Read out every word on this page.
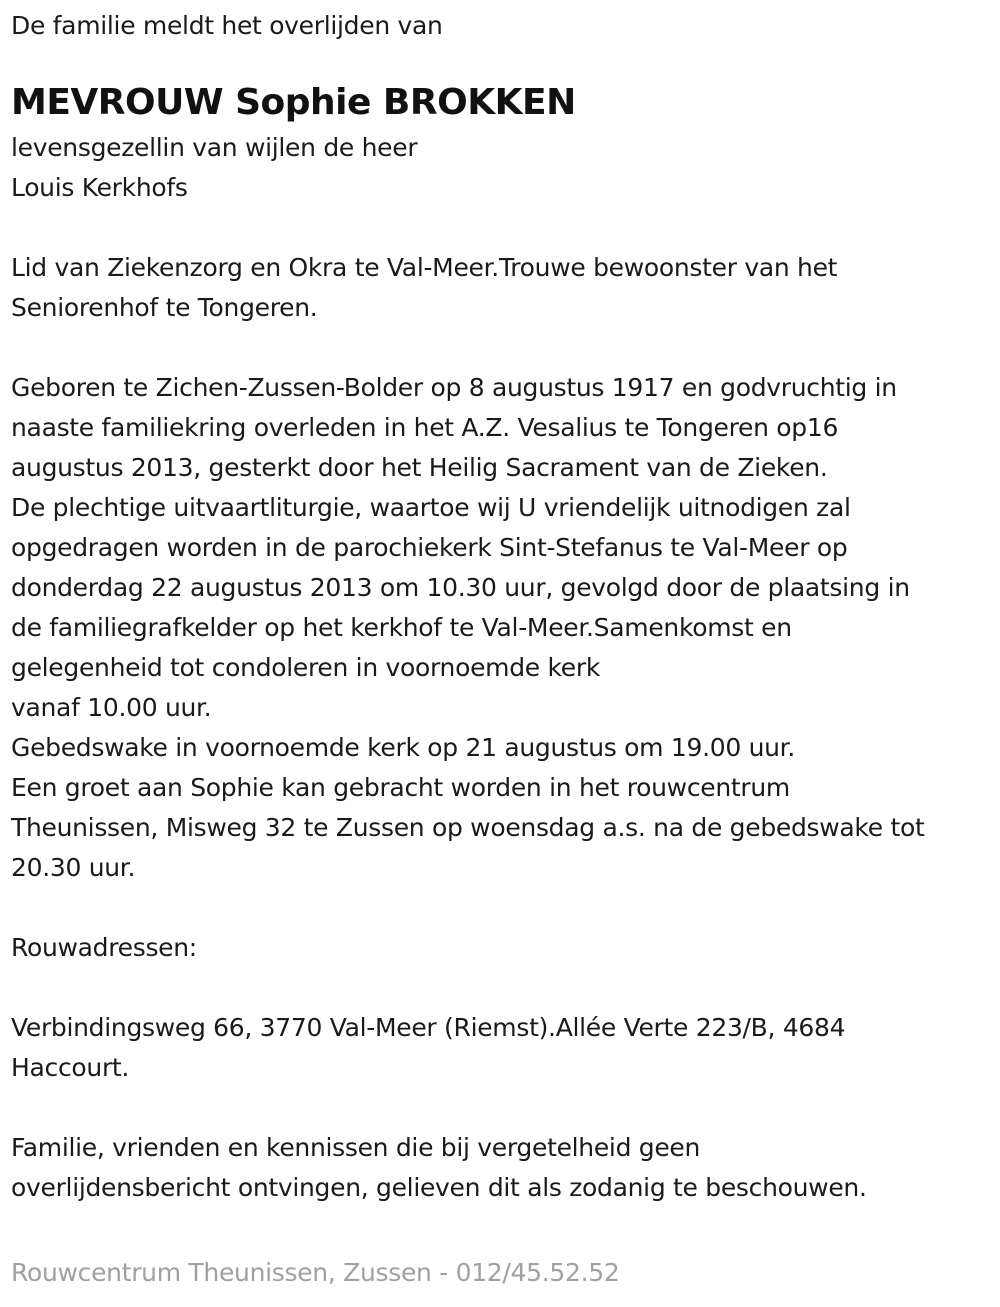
De familie meldt het overlijden van
MEVROUW Sophie BROKKEN
levensgezellin van wijlen de heer
Louis Kerkhofs
Lid van Ziekenzorg en Okra te Val-Meer.Trouwe bewoonster van het
Seniorenhof te Tongeren.
Geboren te Zichen-Zussen-Bolder op 8 augustus 1917 en godvruchtig in
naaste familiekring overleden in het A.Z. Vesalius te Tongeren op16
augustus 2013, gesterkt door het Heilig Sacrament van de Zieken.
De plechtige uitvaartliturgie, waartoe wij U vriendelijk uitnodigen zal
opgedragen worden in de parochiekerk Sint-Stefanus te Val-Meer op
donderdag 22 augustus 2013 om 10.30 uur, gevolgd door de plaatsing in
de familiegrafkelder op het kerkhof te Val-Meer.Samenkomst en
gelegenheid tot condoleren in voornoemde kerk
vanaf 10.00 uur.
Gebedswake in voornoemde kerk op 21 augustus om 19.00 uur.
Een groet aan Sophie kan gebracht worden in het rouwcentrum
Theunissen, Misweg 32 te Zussen op woensdag a.s. na de gebedswake tot
20.30 uur.
Rouwadressen:
Verbindingsweg 66, 3770 Val-Meer (Riemst).Allée Verte 223/B, 4684
Haccourt.
Familie, vrienden en kennissen die bij vergetelheid geen
overlijdensbericht ontvingen, gelieven dit als zodanig te beschouwen.
Rouwcentrum Theunissen, Zussen - 012/45.52.52
